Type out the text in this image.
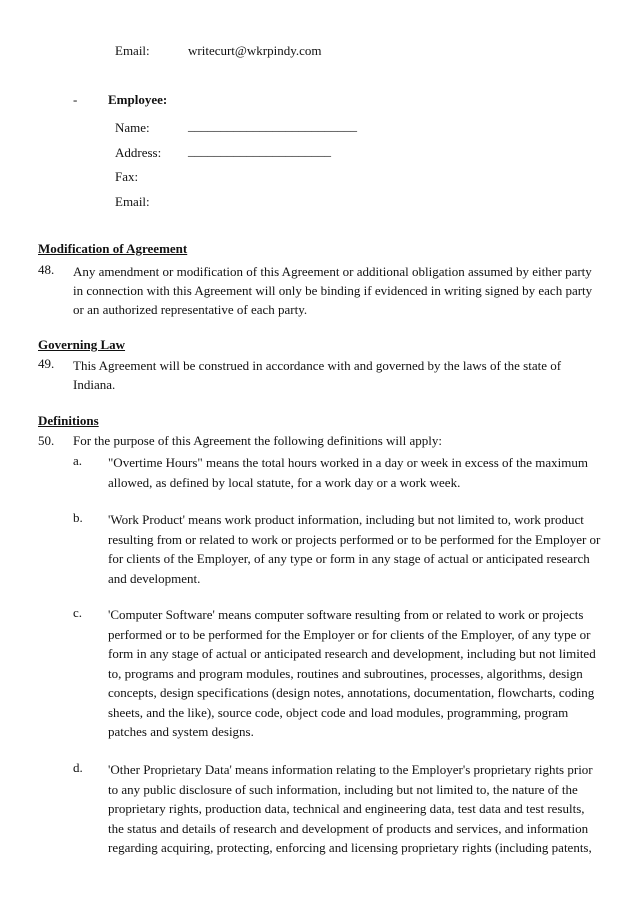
Email:	writecurt@wkrpindy.com
- Employee:
Name:	__________________________
Address: ______________________
Fax:
Email:
Modification of Agreement
48. Any amendment or modification of this Agreement or additional obligation assumed by either party in connection with this Agreement will only be binding if evidenced in writing signed by each party or an authorized representative of each party.
Governing Law
49. This Agreement will be construed in accordance with and governed by the laws of the state of Indiana.
Definitions
50. For the purpose of this Agreement the following definitions will apply:
a. "Overtime Hours" means the total hours worked in a day or week in excess of the maximum allowed, as defined by local statute, for a work day or a work week.
b. 'Work Product' means work product information, including but not limited to, work product resulting from or related to work or projects performed or to be performed for the Employer or for clients of the Employer, of any type or form in any stage of actual or anticipated research and development.
c. 'Computer Software' means computer software resulting from or related to work or projects performed or to be performed for the Employer or for clients of the Employer, of any type or form in any stage of actual or anticipated research and development, including but not limited to, programs and program modules, routines and subroutines, processes, algorithms, design concepts, design specifications (design notes, annotations, documentation, flowcharts, coding sheets, and the like), source code, object code and load modules, programming, program patches and system designs.
d. 'Other Proprietary Data' means information relating to the Employer's proprietary rights prior to any public disclosure of such information, including but not limited to, the nature of the proprietary rights, production data, technical and engineering data, test data and test results, the status and details of research and development of products and services, and information regarding acquiring, protecting, enforcing and licensing proprietary rights (including patents,
